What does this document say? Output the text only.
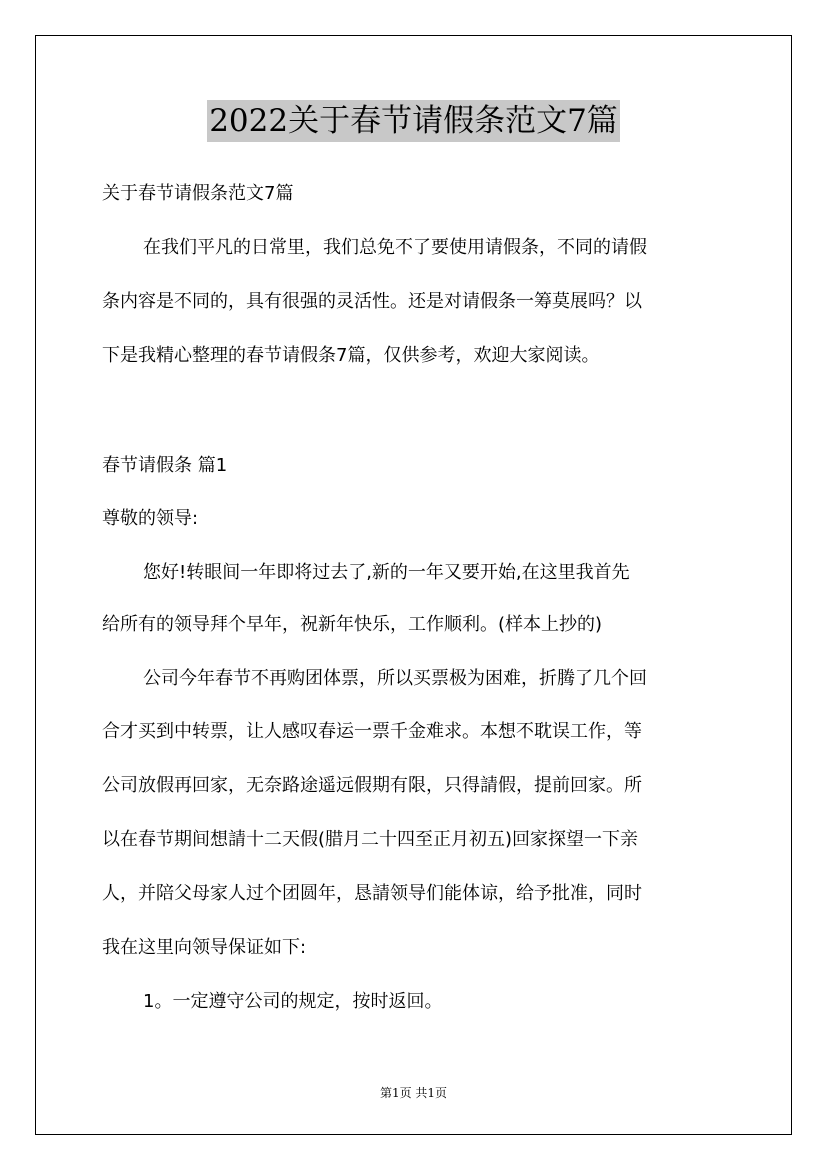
2022关于春节请假条范文7篇
关于春节请假条范文7篇
在我们平凡的日常里，我们总免不了要使用请假条，不同的请假
条内容是不同的，具有很强的灵活性。还是对请假条一筹莫展吗？以
下是我精心整理的春节请假条7篇，仅供参考，欢迎大家阅读。
春节请假条 篇1
尊敬的领导:
您好!转眼间一年即将过去了,新的一年又要开始,在这里我首先
给所有的领导拜个早年，祝新年快乐，工作顺利。(样本上抄的)
公司今年春节不再购团体票，所以买票极为困难，折腾了几个回
合才买到中转票，让人感叹春运一票千金难求。本想不耽误工作，等
公司放假再回家，无奈路途遥远假期有限，只得請假，提前回家。所
以在春节期间想請十二天假(腊月二十四至正月初五)回家探望一下亲
人，并陪父母家人过个团圆年，恳請领导们能体谅，给予批准，同时
我在这里向领导保证如下:
1。一定遵守公司的规定，按时返回。
第1页 共1页
